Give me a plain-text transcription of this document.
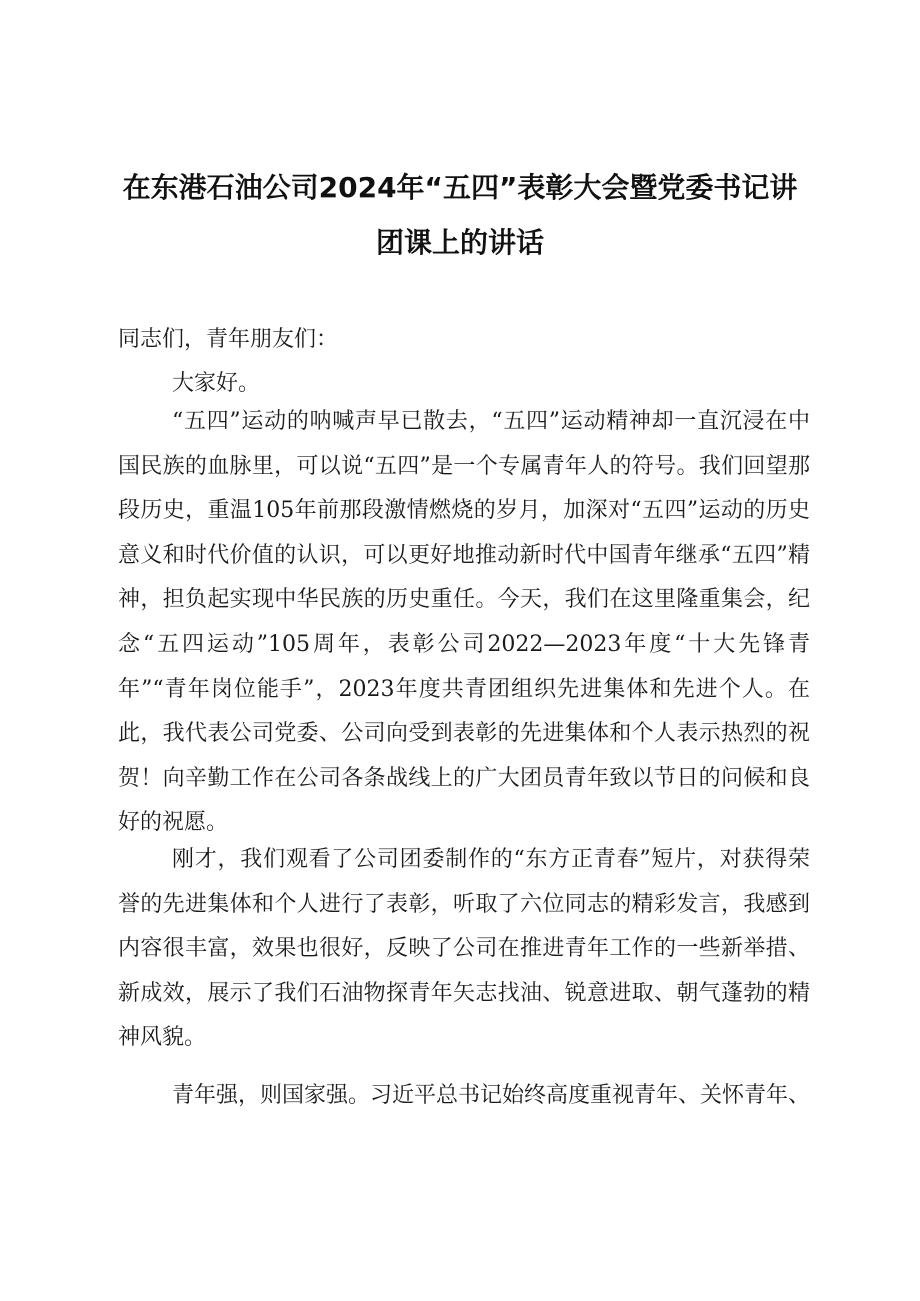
在东港石油公司2024年“五四”表彰大会暨党委书记讲
团课上的讲话

同志们，青年朋友们：

大家好。

“五四”运动的呐喊声早已散去，“五四”运动精神却一直沉浸在中国民族的血脉里，可以说“五四”是一个专属青年人的符号。我们回望那段历史，重温105年前那段激情燃烧的岁月，加深对“五四”运动的历史意义和时代价值的认识，可以更好地推动新时代中国青年继承“五四”精神，担负起实现中华民族的历史重任。今天，我们在这里隆重集会，纪念“五四运动”105周年，表彰公司2022—2023年度“十大先锋青年”“青年岗位能手”，2023年度共青团组织先进集体和先进个人。在此，我代表公司党委、公司向受到表彰的先进集体和个人表示热烈的祝贺！向辛勤工作在公司各条战线上的广大团员青年致以节日的问候和良好的祝愿。

刚才，我们观看了公司团委制作的“东方正青春”短片，对获得荣誉的先进集体和个人进行了表彰，听取了六位同志的精彩发言，我感到内容很丰富，效果也很好，反映了公司在推进青年工作的一些新举措、新成效，展示了我们石油物探青年矢志找油、锐意进取、朝气蓬勃的精神风貌。

青年强，则国家强。习近平总书记始终高度重视青年、关怀青年、
